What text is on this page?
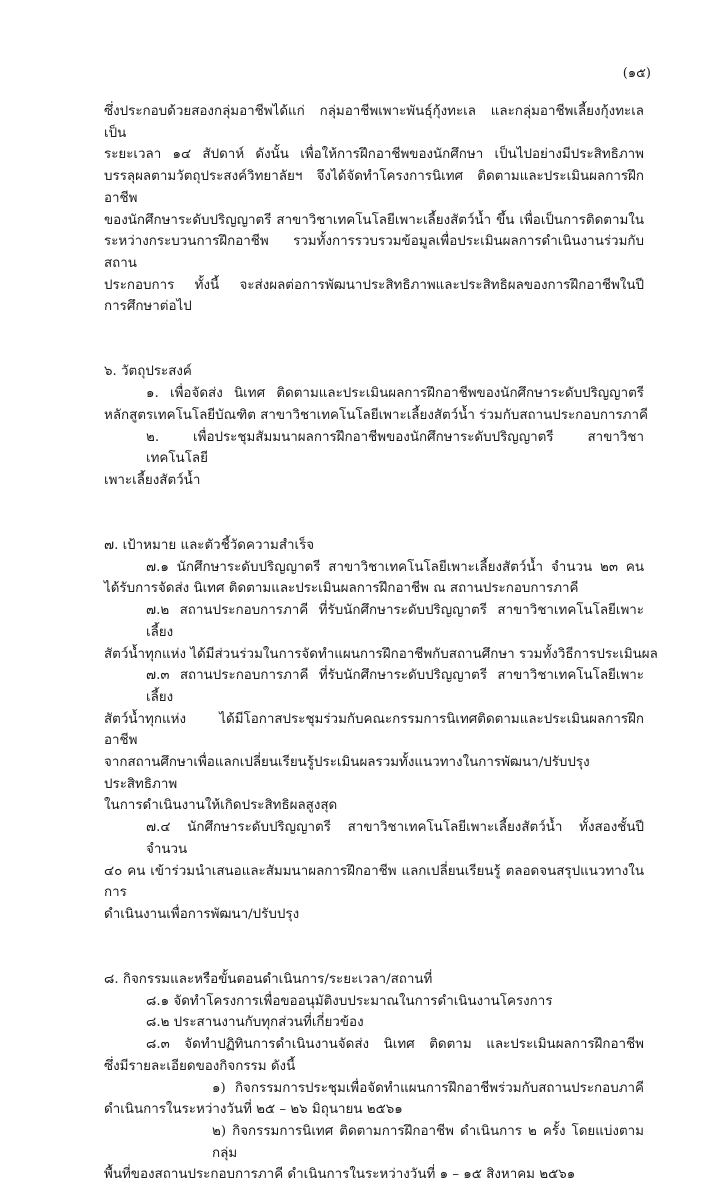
(๑๕)
ซึ่งประกอบด้วยสองกลุ่มอาชีพได้แก่ กลุ่มอาชีพเพาะพันธุ์กุ้งทะเล และกลุ่มอาชีพเลี้ยงกุ้งทะเล เป็น
ระยะเวลา ๑๔ สัปดาห์ ดังนั้น เพื่อให้การฝึกอาชีพของนักศึกษา เป็นไปอย่างมีประสิทธิภาพ
บรรลุผลตามวัตถุประสงค์วิทยาลัยฯ จึงได้จัดทำโครงการนิเทศ ติดตามและประเมินผลการฝึกอาชีพ
ของนักศึกษาระดับปริญญาตรี สาขาวิชาเทคโนโลยีเพาะเลี้ยงสัตว์น้ำ ขึ้น เพื่อเป็นการติดตามใน
ระหว่างกระบวนการฝึกอาชีพ รวมทั้งการรวบรวมข้อมูลเพื่อประเมินผลการดำเนินงานร่วมกับสถาน
ประกอบการ ทั้งนี้ จะส่งผลต่อการพัฒนาประสิทธิภาพและประสิทธิผลของการฝึกอาชีพในปี
การศึกษาต่อไป
๖. วัตถุประสงค์
๑. เพื่อจัดส่ง นิเทศ ติดตามและประเมินผลการฝึกอาชีพของนักศึกษาระดับปริญญาตรี
หลักสูตรเทคโนโลยีบัณฑิต สาขาวิชาเทคโนโลยีเพาะเลี้ยงสัตว์น้ำ ร่วมกับสถานประกอบการภาคี
๒. เพื่อประชุมสัมมนาผลการฝึกอาชีพของนักศึกษาระดับปริญญาตรี สาขาวิชาเทคโนโลยี
เพาะเลี้ยงสัตว์น้ำ
๗. เป้าหมาย และตัวชี้วัดความสำเร็จ
๗.๑ นักศึกษาระดับปริญญาตรี สาขาวิชาเทคโนโลยีเพาะเลี้ยงสัตว์น้ำ จำนวน ๒๓ คน
ได้รับการจัดส่ง นิเทศ ติดตามและประเมินผลการฝึกอาชีพ ณ สถานประกอบการภาคี
๗.๒ สถานประกอบการภาคี ที่รับนักศึกษาระดับปริญญาตรี สาขาวิชาเทคโนโลยีเพาะเลี้ยง
สัตว์น้ำทุกแห่ง ได้มีส่วนร่วมในการจัดทำแผนการฝึกอาชีพกับสถานศึกษา รวมทั้งวิธีการประเมินผล
๗.๓ สถานประกอบการภาคี ที่รับนักศึกษาระดับปริญญาตรี สาขาวิชาเทคโนโลยีเพาะเลี้ยง
สัตว์น้ำทุกแห่ง ได้มีโอกาสประชุมร่วมกับคณะกรรมการนิเทศติดตามและประเมินผลการฝึกอาชีพ
จากสถานศึกษาเพื่อแลกเปลี่ยนเรียนรู้ประเมินผลรวมทั้งแนวทางในการพัฒนา/ปรับปรุงประสิทธิภาพ
ในการดำเนินงานให้เกิดประสิทธิผลสูงสุด
๗.๔ นักศึกษาระดับปริญญาตรี สาขาวิชาเทคโนโลยีเพาะเลี้ยงสัตว์น้ำ ทั้งสองชั้นปี จำนวน
๔๐ คน เข้าร่วมนำเสนอและสัมมนาผลการฝึกอาชีพ แลกเปลี่ยนเรียนรู้ ตลอดจนสรุปแนวทางในการ
ดำเนินงานเพื่อการพัฒนา/ปรับปรุง
๘. กิจกรรมและหรือขั้นตอนดำเนินการ/ระยะเวลา/สถานที่
๘.๑ จัดทำโครงการเพื่อขออนุมัติงบประมาณในการดำเนินงานโครงการ
๘.๒ ประสานงานกับทุกส่วนที่เกี่ยวข้อง
๘.๓ จัดทำปฏิทินการดำเนินงานจัดส่ง นิเทศ ติดตาม และประเมินผลการฝึกอาชีพ
ซึ่งมีรายละเอียดของกิจกรรม ดังนี้
๑) กิจกรรมการประชุมเพื่อจัดทำแผนการฝึกอาชีพร่วมกับสถานประกอบภาคี
ดำเนินการในระหว่างวันที่ ๒๕ – ๒๖ มิถุนายน ๒๕๖๑
๒) กิจกรรมการนิเทศ ติดตามการฝึกอาชีพ ดำเนินการ ๒ ครั้ง โดยแบ่งตามกลุ่ม
พื้นที่ของสถานประกอบการภาคี ดำเนินการในระหว่างวันที่ ๑ – ๑๕ สิงหาคม ๒๕๖๑
